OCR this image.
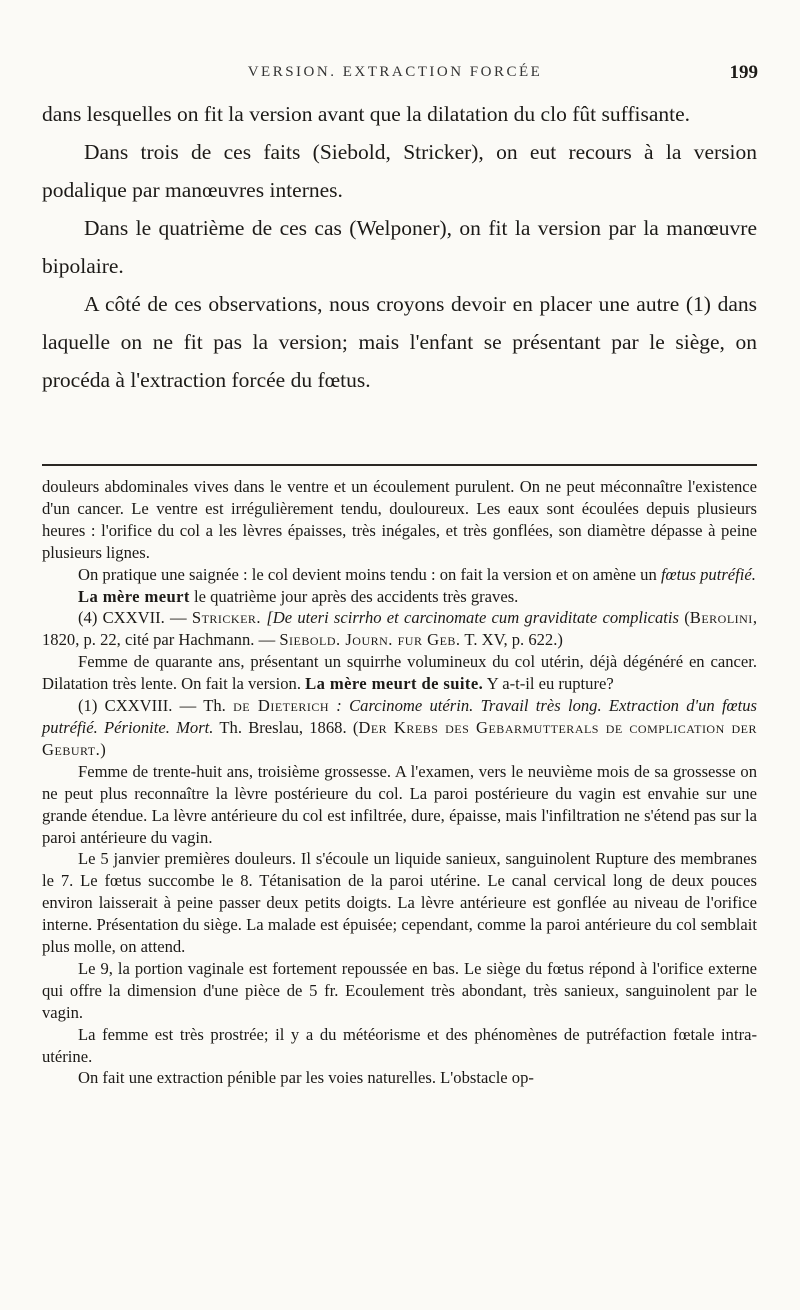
VERSION. EXTRACTION FORCÉE	199

dans lesquelles on fit la version avant que la dilatation du clo fût suffisante.

Dans trois de ces faits (Siebold, Stricker), on eut recours à la version podalique par manœuvres internes.

Dans le quatrième de ces cas (Welponer), on fit la version par la manœuvre bipolaire.

A côté de ces observations, nous croyons devoir en placer une autre (1) dans laquelle on ne fit pas la version; mais l'enfant se présentant par le siège, on procéda à l'extraction forcée du fœtus.

douleurs abdominales vives dans le ventre et un écoulement purulent. On ne peut méconnaître l'existence d'un cancer. Le ventre est irrégulièrement tendu, douloureux. Les eaux sont écoulées depuis plusieurs heures : l'orifice du col a les lèvres épaisses, très inégales, et très gonflées, son diamètre dépasse à peine plusieurs lignes.

On pratique une saignée : le col devient moins tendu : on fait la version et on amène un fœtus putréfié.

La mère meurt le quatrième jour après des accidents très graves.

(4) CXXVII. — Stricker. [De uteri scirrho et carcinomate cum graviditate complicatis (Berolini, 1820, p. 22, cité par Hachmann. — Siebold. Journ. fur Geb. T. XV, p. 622.)

Femme de quarante ans, présentant un squirrhe volumineux du col utérin, déjà dégénéré en cancer. Dilatation très lente. On fait la version. La mère meurt de suite. Y a-t-il eu rupture?

(1) CXXVIII. — Th. de Dieterich : Carcinome utérin. Travail très long. Extraction d'un fœtus putréfié. Périonite. Mort. Th. Breslau, 1868. (Der Krebs des Gebarmutterals de complication der Geburt.)

Femme de trente-huit ans, troisième grossesse. A l'examen, vers le neuvième mois de sa grossesse on ne peut plus reconnaître la lèvre postérieure du col. La paroi postérieure du vagin est envahie sur une grande étendue. La lèvre antérieure du col est infiltrée, dure, épaisse, mais l'infiltration ne s'étend pas sur la paroi antérieure du vagin.

Le 5 janvier premières douleurs. Il s'écoule un liquide sanieux, sanguinolent Rupture des membranes le 7. Le fœtus succombe le 8. Tétanisation de la paroi utérine. Le canal cervical long de deux pouces environ laisserait à peine passer deux petits doigts. La lèvre antérieure est gonflée au niveau de l'orifice interne. Présentation du siège. La malade est épuisée; cependant, comme la paroi antérieure du col semblait plus molle, on attend.

Le 9, la portion vaginale est fortement repoussée en bas. Le siège du fœtus répond à l'orifice externe qui offre la dimension d'une pièce de 5 fr. Ecoulement très abondant, très sanieux, sanguinolent par le vagin.

La femme est très prostrée; il y a du météorisme et des phénomènes de putréfaction fœtale intra-utérine.

On fait une extraction pénible par les voies naturelles. L'obstacle op-
